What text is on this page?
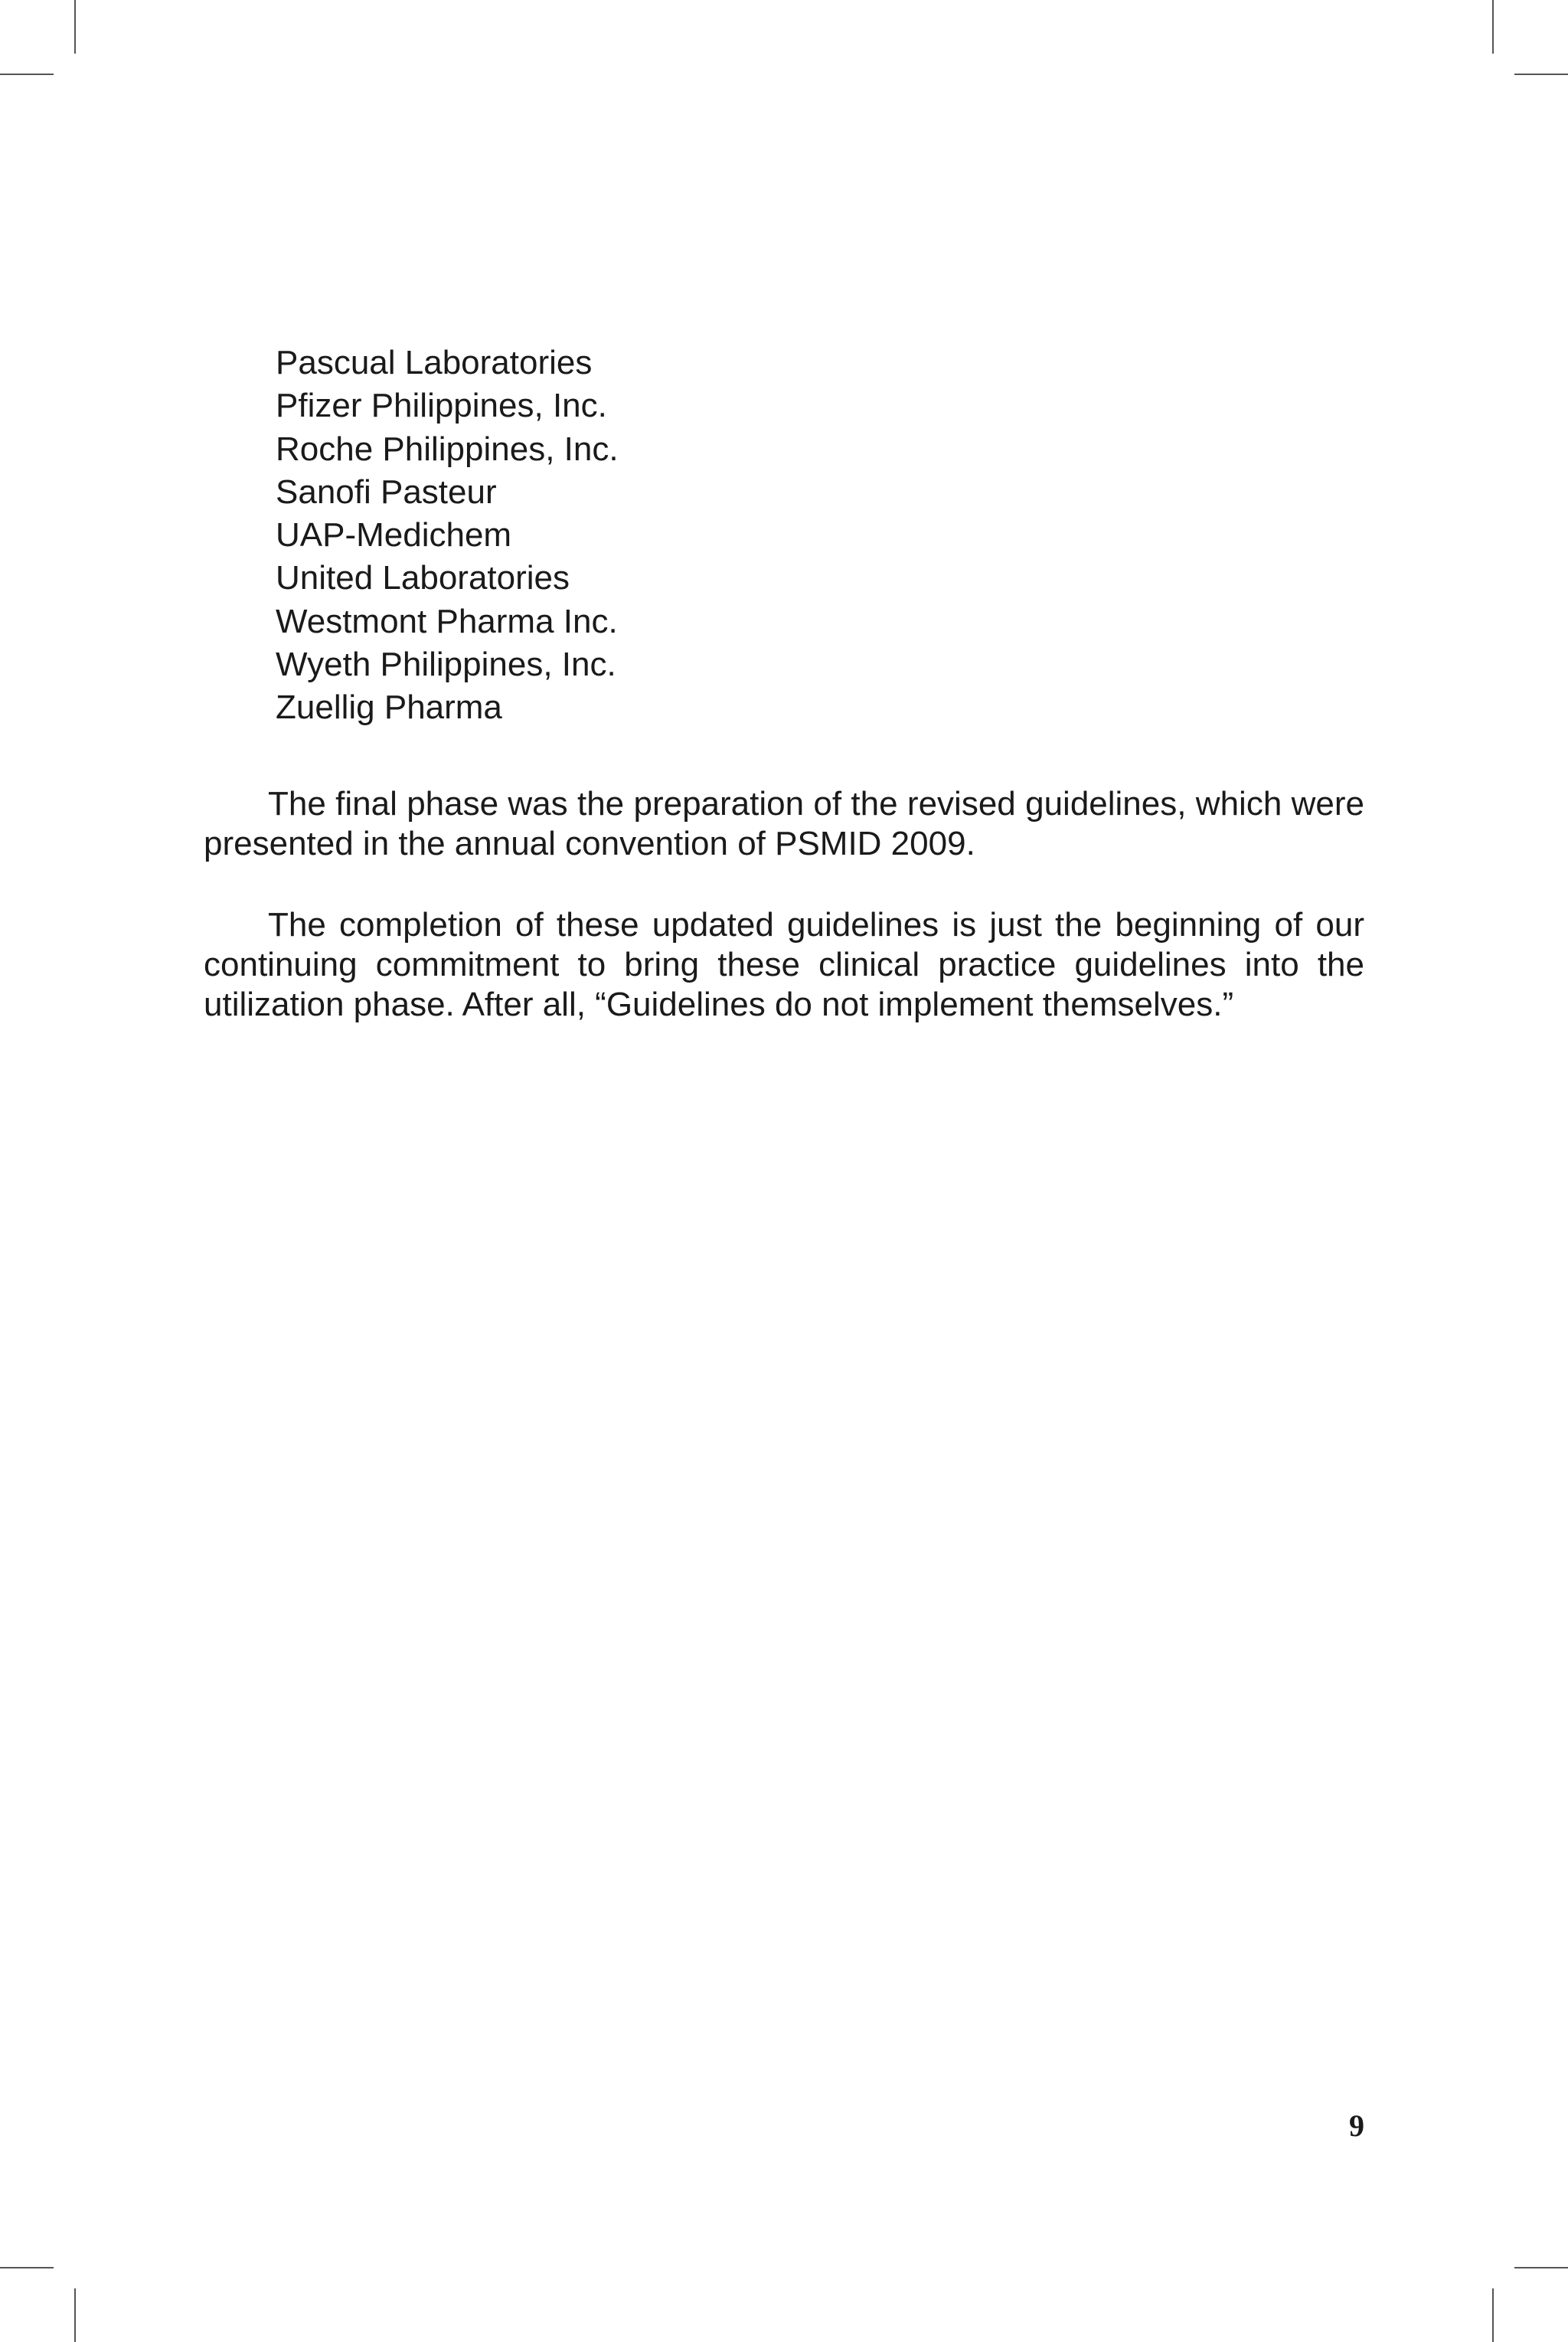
Pascual Laboratories
Pfizer Philippines, Inc.
Roche Philippines, Inc.
Sanofi Pasteur
UAP-Medichem
United Laboratories
Westmont Pharma Inc.
Wyeth Philippines, Inc.
Zuellig Pharma

The final phase was the preparation of the revised guidelines, which were presented in the annual convention of PSMID 2009.

The completion of these updated guidelines is just the beginning of our continuing commitment to bring these clinical practice guidelines into the utilization phase. After all, “Guidelines do not implement themselves.”

9
